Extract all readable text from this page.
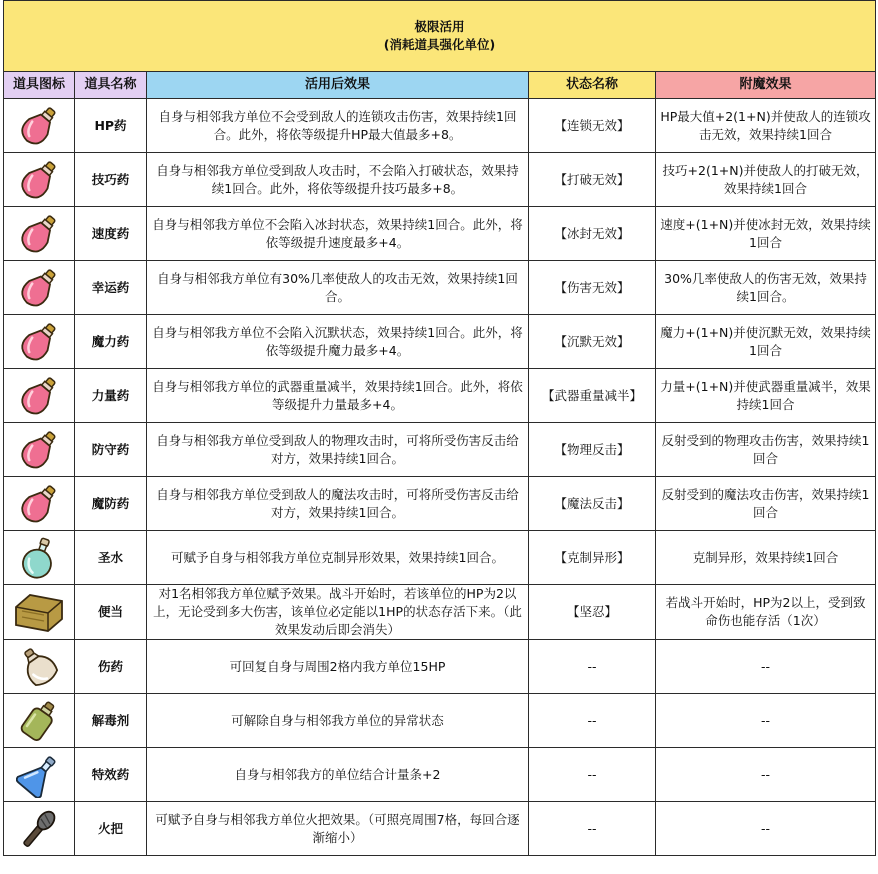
极限活用
(消耗道具强化单位)				

道具图标	道具名称	活用后效果	状态名称	附魔效果

	HP药	自身与相邻我方单位不会受到敌人的连锁攻击伤害，效果持续1回合。此外，将依等级提升HP最大值最多+8。	【连锁无效】	HP最大值+2(1+N)并使敌人的连锁攻击无效，效果持续1回合

	技巧药	自身与相邻我方单位受到敌人攻击时，不会陷入打破状态，效果持续1回合。此外，将依等级提升技巧最多+8。	【打破无效】	技巧+2(1+N)并使敌人的打破无效，效果持续1回合

	速度药	自身与相邻我方单位不会陷入冰封状态，效果持续1回合。此外，将依等级提升速度最多+4。	【冰封无效】	速度+(1+N)并使冰封无效，效果持续1回合

	幸运药	自身与相邻我方单位有30%几率使敌人的攻击无效，效果持续1回合。	【伤害无效】	30%几率使敌人的伤害无效，效果持续1回合。

	魔力药	自身与相邻我方单位不会陷入沉默状态，效果持续1回合。此外，将依等级提升魔力最多+4。	【沉默无效】	魔力+(1+N)并使沉默无效，效果持续1回合

	力量药	自身与相邻我方单位的武器重量减半，效果持续1回合。此外，将依等级提升力量最多+4。	【武器重量减半】	力量+(1+N)并使武器重量减半，效果持续1回合

	防守药	自身与相邻我方单位受到敌人的物理攻击时，可将所受伤害反击给对方，效果持续1回合。	【物理反击】	反射受到的物理攻击伤害，效果持续1回合

	魔防药	自身与相邻我方单位受到敌人的魔法攻击时，可将所受伤害反击给对方，效果持续1回合。	【魔法反击】	反射受到的魔法攻击伤害，效果持续1回合

	圣水	可赋予自身与相邻我方单位克制异形效果，效果持续1回合。	【克制异形】	克制异形，效果持续1回合

	便当	对1名相邻我方单位赋予效果。战斗开始时，若该单位的HP为2以上，无论受到多大伤害，该单位必定能以1HP的状态存活下来。（此效果发动后即会消失）	【坚忍】	若战斗开始时，HP为2以上，受到致命伤也能存活（1次）

	伤药	可回复自身与周围2格内我方单位15HP	--	--

	解毒剂	可解除自身与相邻我方单位的异常状态	--	--

	特效药	自身与相邻我方的单位结合计量条+2	--	--

	火把	可赋予自身与相邻我方单位火把效果。（可照亮周围7格，每回合逐渐缩小）	--	--
